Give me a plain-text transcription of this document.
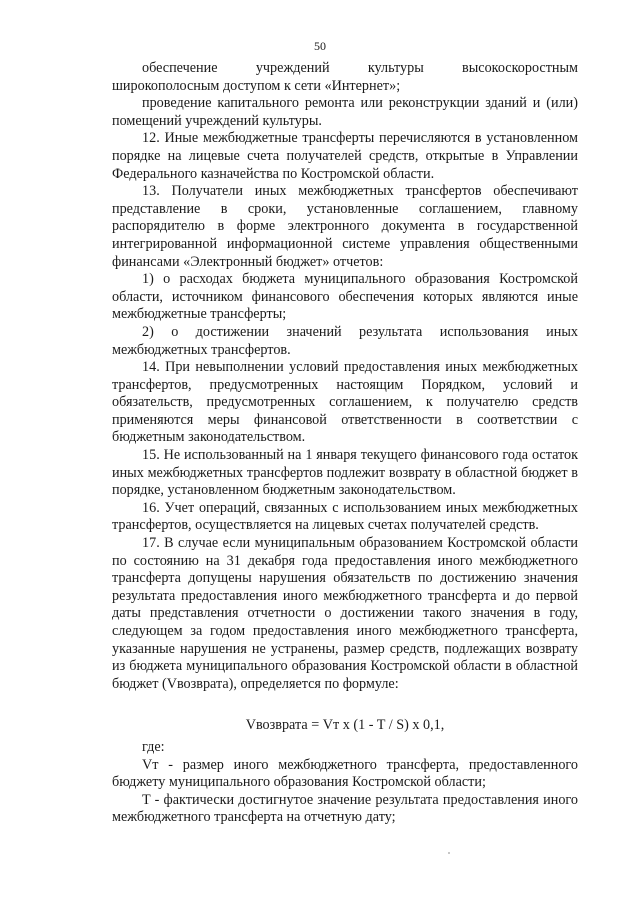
50

обеспечение учреждений культуры высокоскоростным широкополосным доступом к сети «Интернет»;

проведение капитального ремонта или реконструкции зданий и (или) помещений учреждений культуры.

12. Иные межбюджетные трансферты перечисляются в установленном порядке на лицевые счета получателей средств, открытые в Управлении Федерального казначейства по Костромской области.

13. Получатели иных межбюджетных трансфертов обеспечивают представление в сроки, установленные соглашением, главному распорядителю в форме электронного документа в государственной интегрированной информационной системе управления общественными финансами «Электронный бюджет» отчетов:

1) о расходах бюджета муниципального образования Костромской области, источником финансового обеспечения которых являются иные межбюджетные трансферты;

2) о достижении значений результата использования иных межбюджетных трансфертов.

14. При невыполнении условий предоставления иных межбюджетных трансфертов, предусмотренных настоящим Порядком, условий и обязательств, предусмотренных соглашением, к получателю средств применяются меры финансовой ответственности в соответствии с бюджетным законодательством.

15. Не использованный на 1 января текущего финансового года остаток иных межбюджетных трансфертов подлежит возврату в областной бюджет в порядке, установленном бюджетным законодательством.

16. Учет операций, связанных с использованием иных межбюджетных трансфертов, осуществляется на лицевых счетах получателей средств.

17. В случае если муниципальным образованием Костромской области по состоянию на 31 декабря года предоставления иного межбюджетного трансферта допущены нарушения обязательств по достижению значения результата предоставления иного межбюджетного трансферта и до первой даты представления отчетности о достижении такого значения в году, следующем за годом предоставления иного межбюджетного трансферта, указанные нарушения не устранены, размер средств, подлежащих возврату из бюджета муниципального образования Костромской области в областной бюджет (Vвозврата), определяется по формуле:

Vвозврата = Vт x (1 - T / S) x 0,1,

где:

Vт - размер иного межбюджетного трансферта, предоставленного бюджету муниципального образования Костромской области;

T - фактически достигнутое значение результата предоставления иного межбюджетного трансферта на отчетную дату;
